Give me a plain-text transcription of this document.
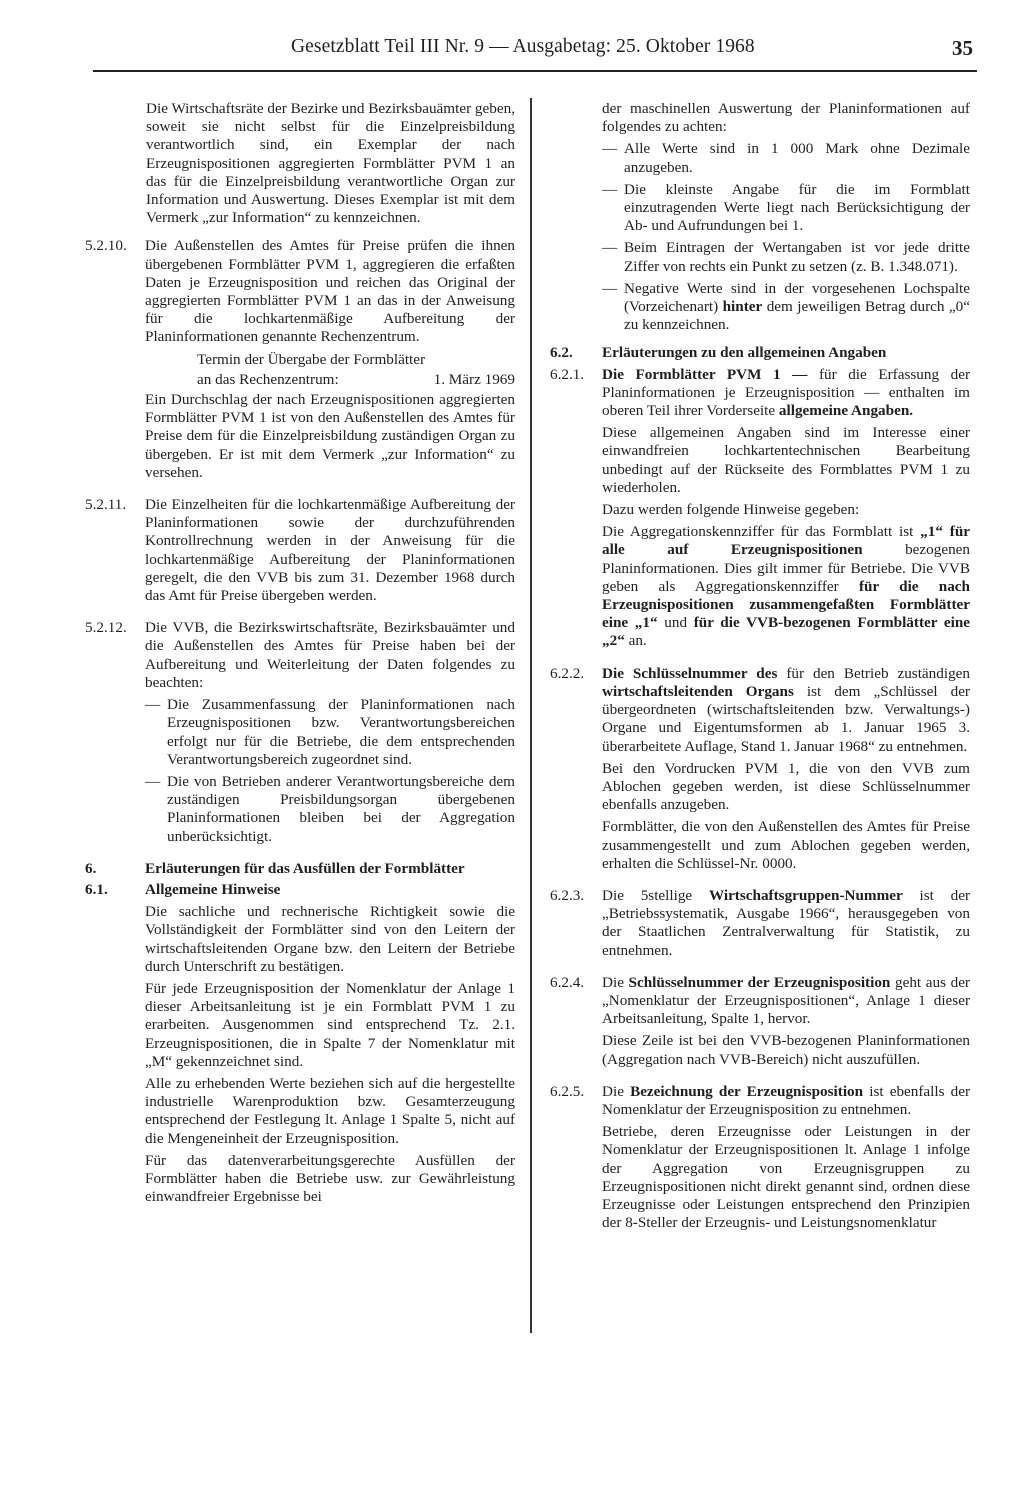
Gesetzblatt Teil III Nr. 9 — Ausgabetag: 25. Oktober 1968	35

Die Wirtschaftsräte der Bezirke und Bezirksbauämter geben, soweit sie nicht selbst für die Einzelpreisbildung verantwortlich sind, ein Exemplar der nach Erzeugnispositionen aggregierten Formblätter PVM 1 an das für die Einzelpreisbildung verantwortliche Organ zur Information und Auswertung. Dieses Exemplar ist mit dem Vermerk „zur Information“ zu kennzeichnen.

5.2.10.	Die Außenstellen des Amtes für Preise prüfen die ihnen übergebenen Formblätter PVM 1, aggregieren die erfaßten Daten je Erzeugnisposition und reichen das Original der aggregierten Formblätter PVM 1 an das in der Anweisung für die lochkartenmäßige Aufbereitung der Planinformationen genannte Rechenzentrum.

Termin der Übergabe der Formblätter
an das Rechenzentrum:	1. März 1969

Ein Durchschlag der nach Erzeugnispositionen aggregierten Formblätter PVM 1 ist von den Außenstellen des Amtes für Preise dem für die Einzelpreisbildung zuständigen Organ zu übergeben. Er ist mit dem Vermerk „zur Information“ zu versehen.

5.2.11.	Die Einzelheiten für die lochkartenmäßige Aufbereitung der Planinformationen sowie der durchzuführenden Kontrollrechnung werden in der Anweisung für die lochkartenmäßige Aufbereitung der Planinformationen geregelt, die den VVB bis zum 31. Dezember 1968 durch das Amt für Preise übergeben werden.

5.2.12.	Die VVB, die Bezirkswirtschaftsräte, Bezirksbauämter und die Außenstellen des Amtes für Preise haben bei der Aufbereitung und Weiterleitung der Daten folgendes zu beachten:

— Die Zusammenfassung der Planinformationen nach Erzeugnispositionen bzw. Verantwortungsbereichen erfolgt nur für die Betriebe, die dem entsprechenden Verantwortungsbereich zugeordnet sind.
— Die von Betrieben anderer Verantwortungsbereiche dem zuständigen Preisbildungsorgan übergebenen Planinformationen bleiben bei der Aggregation unberücksichtigt.
6.	Erläuterungen für das Ausfüllen der Formblätter
6.1.	Allgemeine Hinweise

Die sachliche und rechnerische Richtigkeit sowie die Vollständigkeit der Formblätter sind von den Leitern der wirtschaftsleitenden Organe bzw. den Leitern der Betriebe durch Unterschrift zu bestätigen.

Für jede Erzeugnisposition der Nomenklatur der Anlage 1 dieser Arbeitsanleitung ist je ein Formblatt PVM 1 zu erarbeiten. Ausgenommen sind entsprechend Tz. 2.1. Erzeugnispositionen, die in Spalte 7 der Nomenklatur mit „M“ gekennzeichnet sind.

Alle zu erhebenden Werte beziehen sich auf die hergestellte industrielle Warenproduktion bzw. Gesamterzeugung entsprechend der Festlegung lt. Anlage 1 Spalte 5, nicht auf die Mengeneinheit der Erzeugnisposition.

Für das datenverarbeitungsgerechte Ausfüllen der Formblätter haben die Betriebe usw. zur Gewährleistung einwandfreier Ergebnisse bei

der maschinellen Auswertung der Planinformationen auf folgendes zu achten:

— Alle Werte sind in 1 000 Mark ohne Dezimale anzugeben.
— Die kleinste Angabe für die im Formblatt einzutragenden Werte liegt nach Berücksichtigung der Ab- und Aufrundungen bei 1.
— Beim Eintragen der Wertangaben ist vor jede dritte Ziffer von rechts ein Punkt zu setzen (z. B. 1.348.071).
— Negative Werte sind in der vorgesehenen Lochspalte (Vorzeichenart) hinter dem jeweiligen Betrag durch „0“ zu kennzeichnen.
6.2.	Erläuterungen zu den allgemeinen Angaben
6.2.1.	Die Formblätter PVM 1 — für die Erfassung der Planinformationen je Erzeugnisposition — enthalten im oberen Teil ihrer Vorderseite allgemeine Angaben.

Diese allgemeinen Angaben sind im Interesse einer einwandfreien lochkartentechnischen Bearbeitung unbedingt auf der Rückseite des Formblattes PVM 1 zu wiederholen.

Dazu werden folgende Hinweise gegeben:

Die Aggregationskennziffer für das Formblatt ist „1“ für alle auf Erzeugnispositionen	bezogenen Planinformationen. Dies gilt immer für Betriebe. Die VVB geben als Aggregationskennziffer für die nach Erzeugnispositionen zusammengefaßten Formblätter eine „1“ und für die VVB-bezogenen Formblätter eine „2“ an.

6.2.2.	Die Schlüsselnummer des für den Betrieb zuständigen wirtschaftsleitenden Organs ist dem „Schlüssel der übergeordneten (wirtschaftsleitenden bzw. Verwaltungs-) Organe und Eigentumsformen ab 1. Januar 1965 3. überarbeitete Auflage, Stand 1. Januar 1968“ zu entnehmen.

Bei den Vordrucken PVM 1, die von den VVB zum Ablochen gegeben werden, ist diese Schlüsselnummer ebenfalls anzugeben.

Formblätter, die von den Außenstellen des Amtes für Preise zusammengestellt und zum Ablochen gegeben werden, erhalten die Schlüssel-Nr. 0000.

6.2.3.	Die 5stellige Wirtschaftsgruppen-Nummer ist der „Betriebssystematik, Ausgabe 1966“, herausgegeben von der Staatlichen Zentralverwaltung für Statistik, zu entnehmen.

6.2.4.	Die Schlüsselnummer der Erzeugnisposition geht aus der „Nomenklatur der Erzeugnispositionen“, Anlage 1 dieser Arbeitsanleitung, Spalte 1, hervor.

Diese Zeile ist bei den VVB-bezogenen Planinformationen (Aggregation nach VVB-Bereich) nicht auszufüllen.

6.2.5.	Die Bezeichnung der Erzeugnisposition ist ebenfalls der Nomenklatur der Erzeugnisposition zu entnehmen.

Betriebe, deren Erzeugnisse oder Leistungen in der Nomenklatur der Erzeugnispositionen lt. Anlage 1 infolge der Aggregation von Erzeugnisgruppen zu Erzeugnispositionen nicht direkt genannt sind, ordnen diese Erzeugnisse oder Leistungen entsprechend den Prinzipien der 8-Steller der Erzeugnis- und Leistungsnomenklatur
